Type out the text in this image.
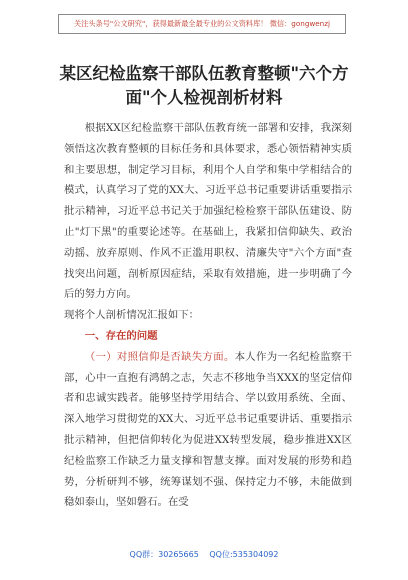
关注头条号"公文研究"，获得最新最全最专业的公文资料库！ 微信：gongwenzj
某区纪检监察干部队伍教育整顿"六个方
面"个人检视剖析材料

根据XX区纪检监察干部队伍教育统一部署和安排，我深刻领悟这次教育整顿的目标任务和具体要求，悉心领悟精神实质和主要思想，制定学习目标，利用个人自学和集中学相结合的模式，认真学习了党的XX大、习近平总书记重要讲话重要指示批示精神，习近平总书记关于加强纪检检察干部队伍建设、防止"灯下黑"的重要论述等。在基础上，我紧扣信仰缺失、政治动摇、放弃原则、作风不正滥用职权、清廉失守"六个方面"查找突出问题，剖析原因症结，采取有效措施，进一步明确了今后的努力方向。

现将个人剖析情况汇报如下：

一、存在的问题

（一）对照信仰是否缺失方面。本人作为一名纪检监察干部，心中一直抱有鸿鹄之志，矢志不移地争当XXX的坚定信仰者和忠诚实践者。能够坚持学用结合、学以致用系统、全面、深入地学习贯彻党的XX大、习近平总书记重要讲话、重要指示批示精神，但把信仰转化为促进XX转型发展，稳步推进XX区纪检监察工作缺乏力量支撑和智慧支撑。面对发展的形势和趋势，分析研判不够，统筹谋划不强、保持定力不够，未能做到稳如泰山，坚如磐石。在受

QQ群：30265665 QQ位:535304092
